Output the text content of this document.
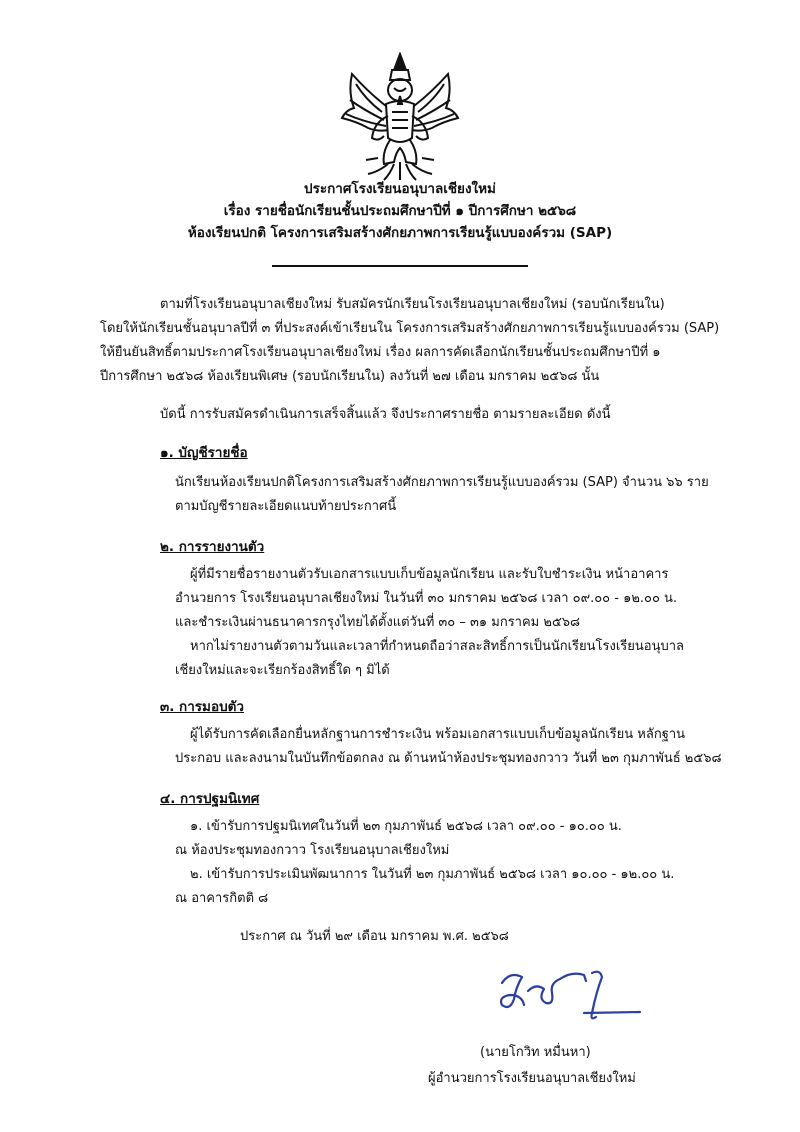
ประกาศโรงเรียนอนุบาลเชียงใหม่
เรื่อง รายชื่อนักเรียนชั้นประถมศึกษาปีที่ ๑ ปีการศึกษา ๒๕๖๘
ห้องเรียนปกติ โครงการเสริมสร้างศักยภาพการเรียนรู้แบบองค์รวม (SAP)
ตามที่โรงเรียนอนุบาลเชียงใหม่ รับสมัครนักเรียนโรงเรียนอนุบาลเชียงใหม่ (รอบนักเรียนใน)
โดยให้นักเรียนชั้นอนุบาลปีที่ ๓ ที่ประสงค์เข้าเรียนใน โครงการเสริมสร้างศักยภาพการเรียนรู้แบบองค์รวม (SAP)
ให้ยืนยันสิทธิ์ตามประกาศโรงเรียนอนุบาลเชียงใหม่ เรื่อง ผลการคัดเลือกนักเรียนชั้นประถมศึกษาปีที่ ๑
ปีการศึกษา ๒๕๖๘ ห้องเรียนพิเศษ (รอบนักเรียนใน) ลงวันที่ ๒๗ เดือน มกราคม ๒๕๖๘ นั้น
บัดนี้ การรับสมัครดำเนินการเสร็จสิ้นแล้ว จึงประกาศรายชื่อ ตามรายละเอียด ดังนี้
๑. บัญชีรายชื่อ
นักเรียนห้องเรียนปกติโครงการเสริมสร้างศักยภาพการเรียนรู้แบบองค์รวม (SAP) จำนวน ๖๖ ราย
ตามบัญชีรายละเอียดแนบท้ายประกาศนี้
๒. การรายงานตัว
ผู้ที่มีรายชื่อรายงานตัวรับเอกสารแบบเก็บข้อมูลนักเรียน และรับใบชำระเงิน หน้าอาคาร
อำนวยการ โรงเรียนอนุบาลเชียงใหม่ ในวันที่ ๓๐ มกราคม ๒๕๖๘ เวลา ๐๙.๐๐ - ๑๒.๐๐ น.
และชำระเงินผ่านธนาคารกรุงไทยได้ตั้งแต่วันที่ ๓๐ – ๓๑ มกราคม ๒๕๖๘
หากไม่รายงานตัวตามวันและเวลาที่กำหนดถือว่าสละสิทธิ์การเป็นนักเรียนโรงเรียนอนุบาล
เชียงใหม่และจะเรียกร้องสิทธิ์ใด ๆ มิได้
๓. การมอบตัว
ผู้ได้รับการคัดเลือกยื่นหลักฐานการชำระเงิน พร้อมเอกสารแบบเก็บข้อมูลนักเรียน หลักฐาน
ประกอบ และลงนามในบันทึกข้อตกลง ณ ด้านหน้าห้องประชุมทองกวาว วันที่ ๒๓ กุมภาพันธ์ ๒๕๖๘
๔. การปฐมนิเทศ
๑. เข้ารับการปฐมนิเทศในวันที่ ๒๓ กุมภาพันธ์ ๒๕๖๘ เวลา ๐๙.๐๐ - ๑๐.๐๐ น.
ณ ห้องประชุมทองกวาว โรงเรียนอนุบาลเชียงใหม่
๒. เข้ารับการประเมินพัฒนาการ ในวันที่ ๒๓ กุมภาพันธ์ ๒๕๖๘ เวลา ๑๐.๐๐ - ๑๒.๐๐ น.
ณ อาคารกิตติ ๘
ประกาศ ณ วันที่ ๒๙ เดือน มกราคม พ.ศ. ๒๕๖๘
(นายโกวิท หมื่นหา)
ผู้อำนวยการโรงเรียนอนุบาลเชียงใหม่
